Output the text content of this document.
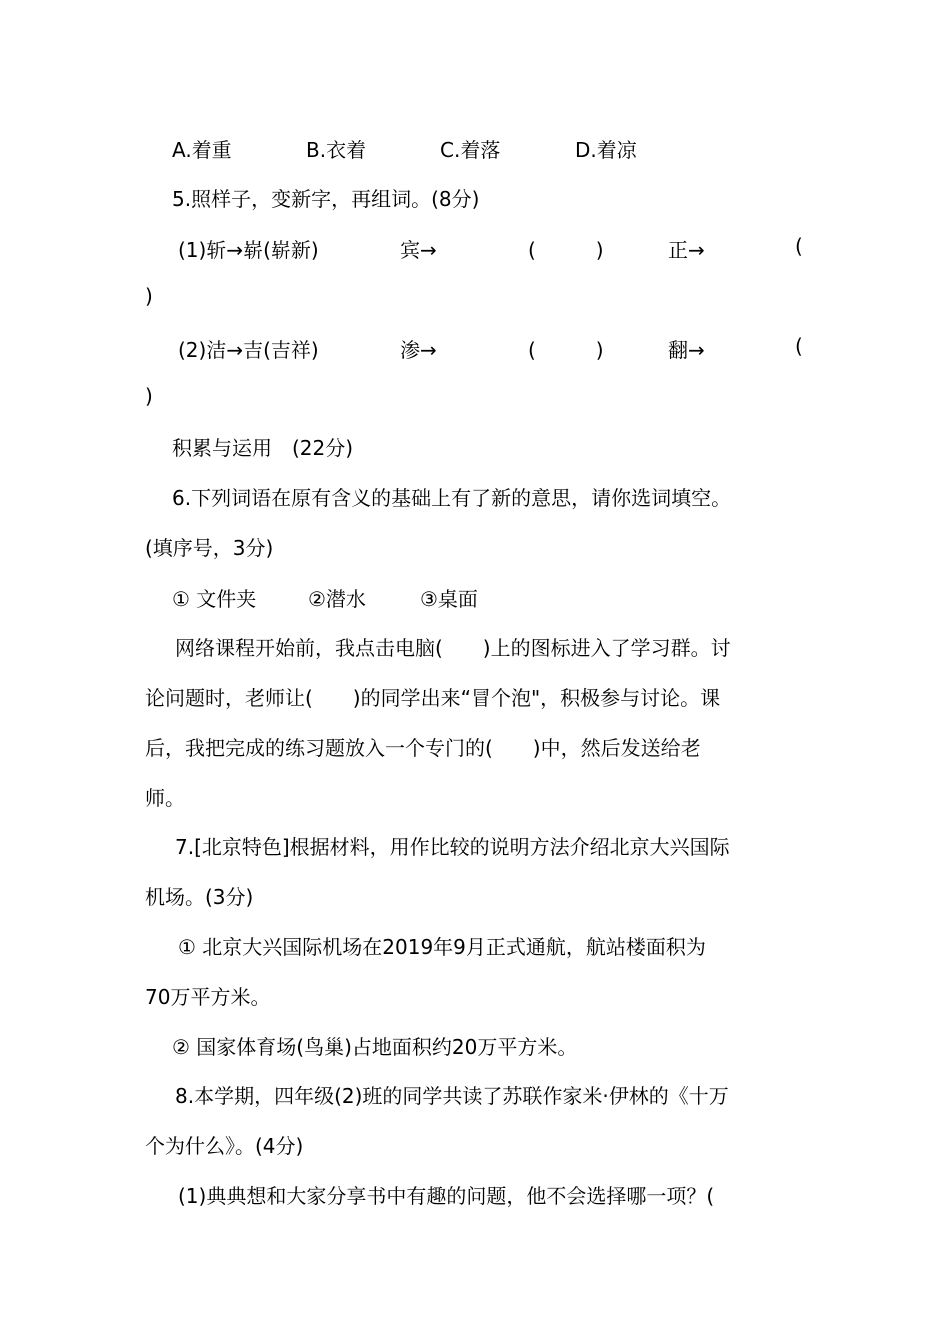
A.着重	B.衣着	C.着落	D.着凉
5.照样子，变新字，再组词。(8分)
(1)斩→崭(崭新)	宾→	(　　　)	正→	(
)
(2)洁→吉(吉祥)	渗→	(　　　)	翻→	(
)
积累与运用　(22分)
6.下列词语在原有含义的基础上有了新的意思，请你选词填空。
(填序号，3分)
① 文件夹	②潜水	③桌面
网络课程开始前，我点击电脑(　　)上的图标进入了学习群。讨
论问题时，老师让(　　)的同学出来“冒个泡"，积极参与讨论。课
后，我把完成的练习题放入一个专门的(　　)中，然后发送给老
师。
7.[北京特色]根据材料，用作比较的说明方法介绍北京大兴国际
机场。(3分)
① 北京大兴国际机场在2019年9月正式通航，航站楼面积为
70万平方米。
② 国家体育场(鸟巢)占地面积约20万平方米。
8.本学期，四年级(2)班的同学共读了苏联作家米·伊林的《十万
个为什么》。(4分)
(1)典典想和大家分享书中有趣的问题，他不会选择哪一项？(
